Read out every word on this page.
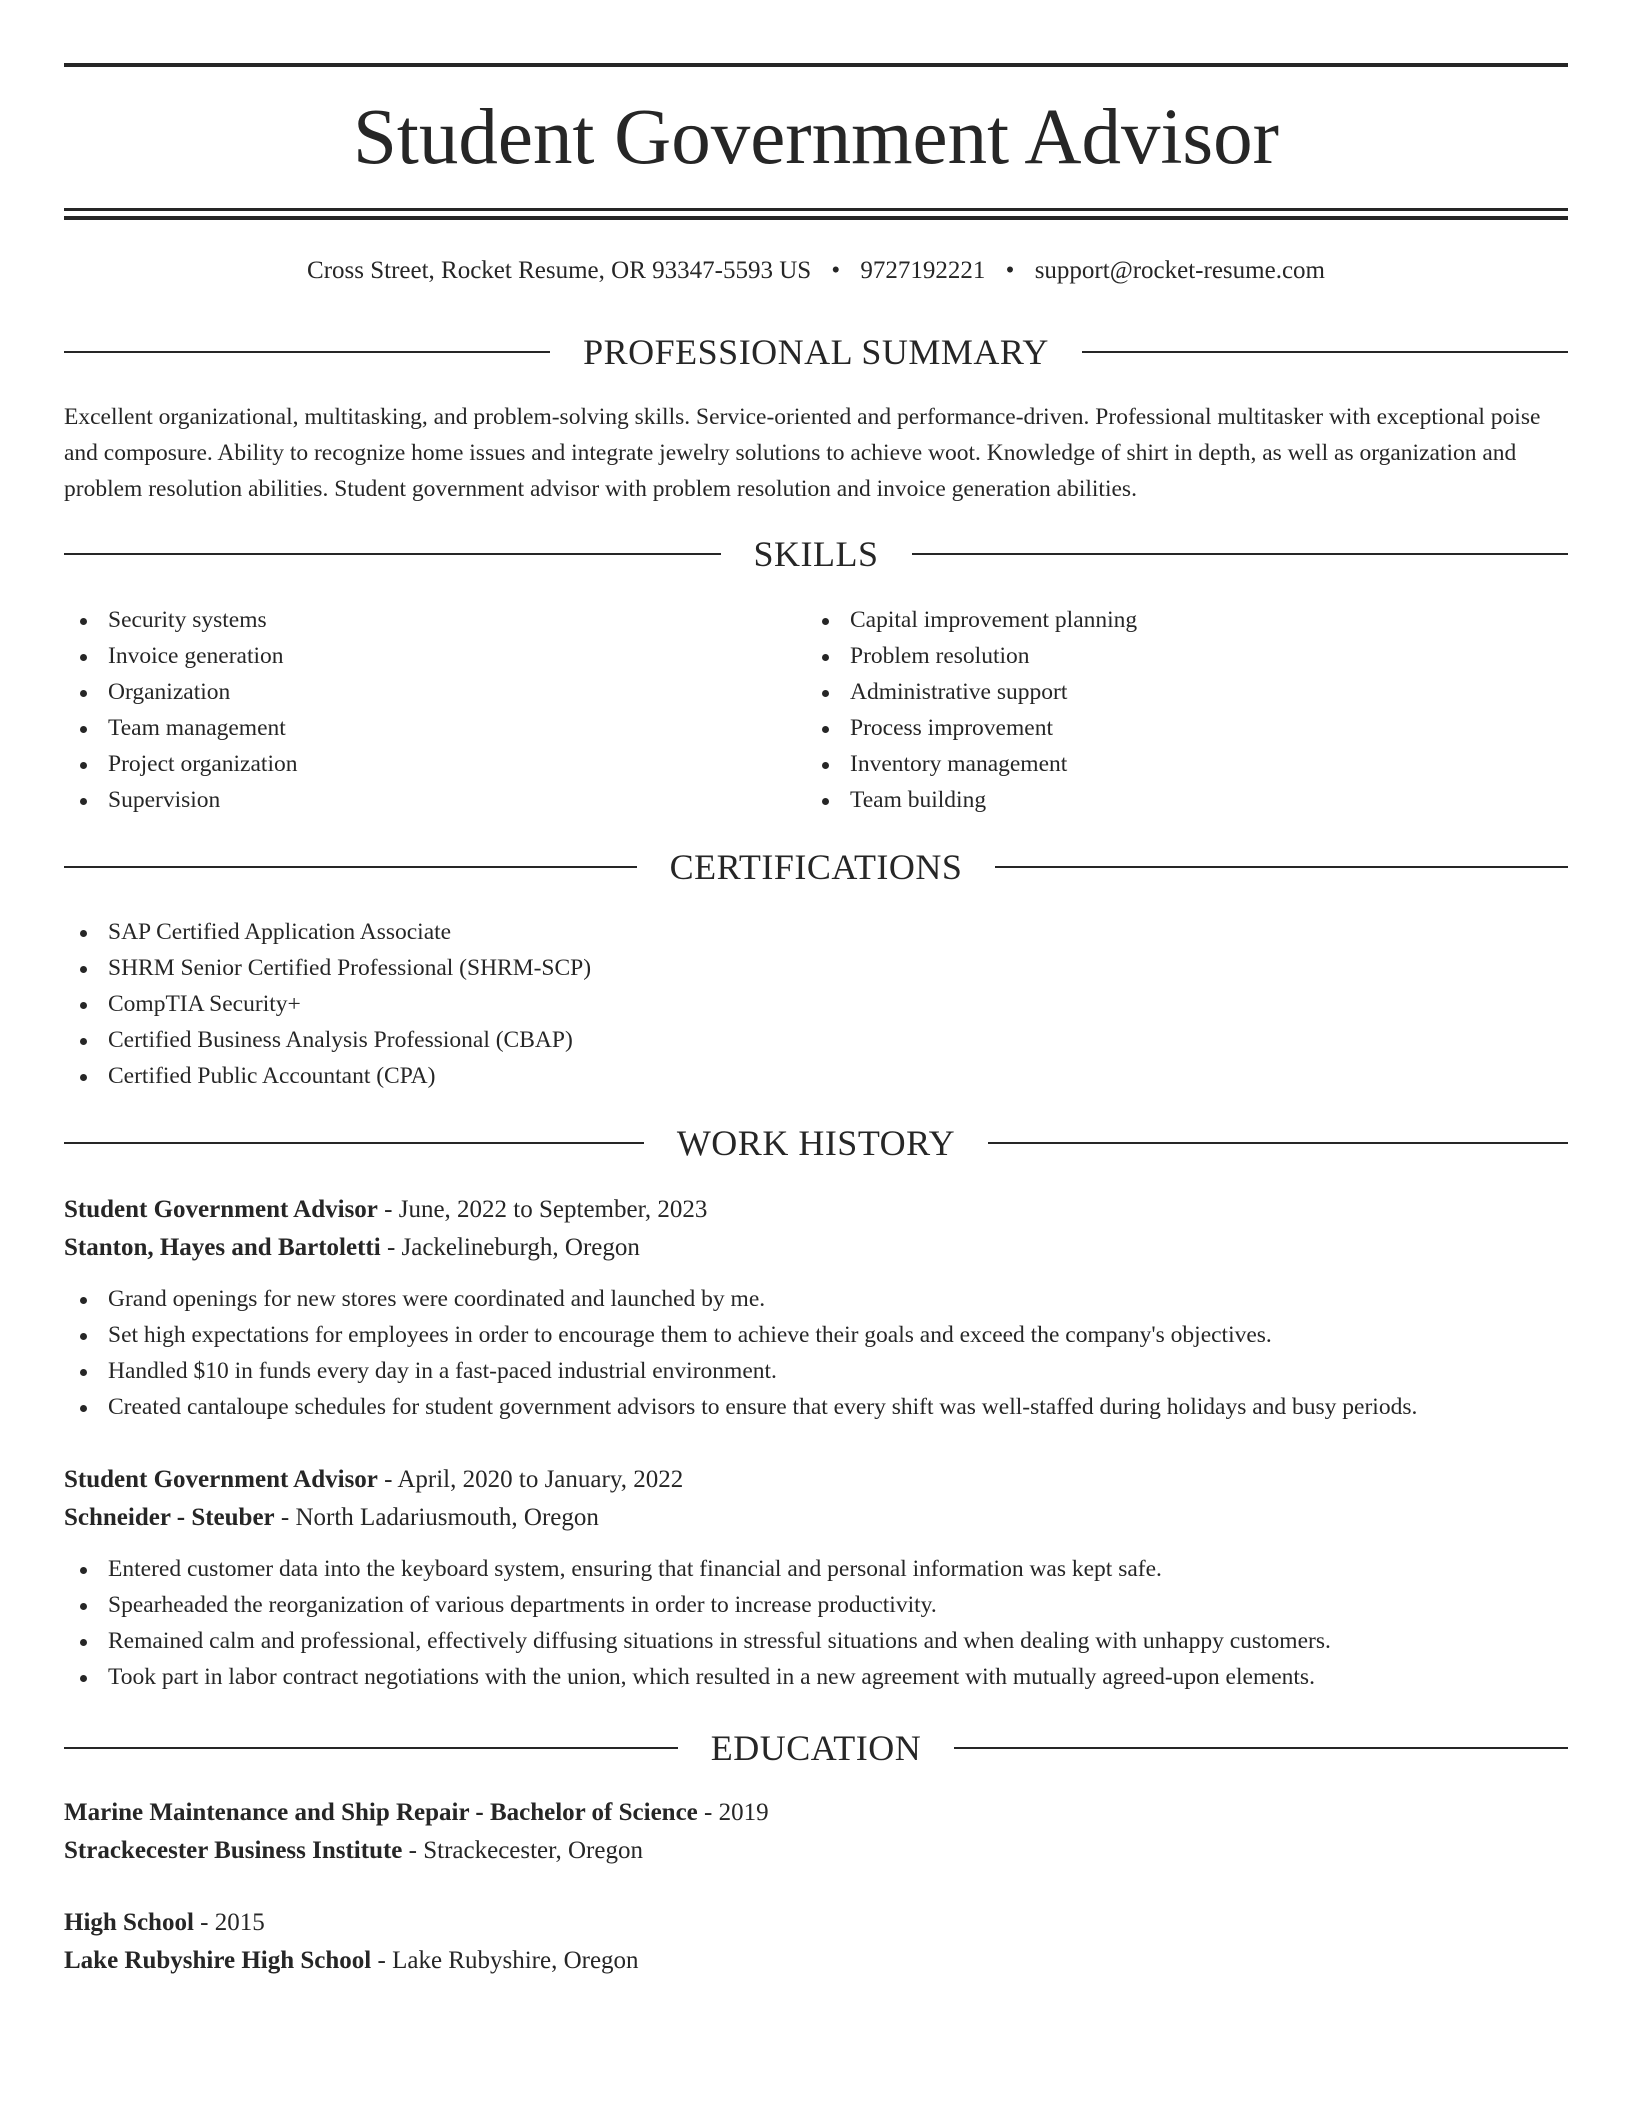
Student Government Advisor
Cross Street, Rocket Resume, OR 93347-5593 US • 9727192221 • support@rocket-resume.com
PROFESSIONAL SUMMARY

Excellent organizational, multitasking, and problem-solving skills. Service-oriented and performance-driven. Professional multitasker with exceptional poise and composure. Ability to recognize home issues and integrate jewelry solutions to achieve woot. Knowledge of shirt in depth, as well as organization and problem resolution abilities. Student government advisor with problem resolution and invoice generation abilities.

SKILLS
Security systems
Invoice generation
Organization
Team management
Project organization
Supervision
Capital improvement planning
Problem resolution
Administrative support
Process improvement
Inventory management
Team building
CERTIFICATIONS
SAP Certified Application Associate
SHRM Senior Certified Professional (SHRM-SCP)
CompTIA Security+
Certified Business Analysis Professional (CBAP)
Certified Public Accountant (CPA)
WORK HISTORY
Student Government Advisor - June, 2022 to September, 2023
Stanton, Hayes and Bartoletti - Jackelineburgh, Oregon
Grand openings for new stores were coordinated and launched by me.
Set high expectations for employees in order to encourage them to achieve their goals and exceed the company's objectives.
Handled $10 in funds every day in a fast-paced industrial environment.
Created cantaloupe schedules for student government advisors to ensure that every shift was well-staffed during holidays and busy periods.
Student Government Advisor - April, 2020 to January, 2022
Schneider - Steuber - North Ladariusmouth, Oregon
Entered customer data into the keyboard system, ensuring that financial and personal information was kept safe.
Spearheaded the reorganization of various departments in order to increase productivity.
Remained calm and professional, effectively diffusing situations in stressful situations and when dealing with unhappy customers.
Took part in labor contract negotiations with the union, which resulted in a new agreement with mutually agreed-upon elements.
EDUCATION
Marine Maintenance and Ship Repair - Bachelor of Science - 2019
Strackecester Business Institute - Strackecester, Oregon
High School - 2015
Lake Rubyshire High School - Lake Rubyshire, Oregon
